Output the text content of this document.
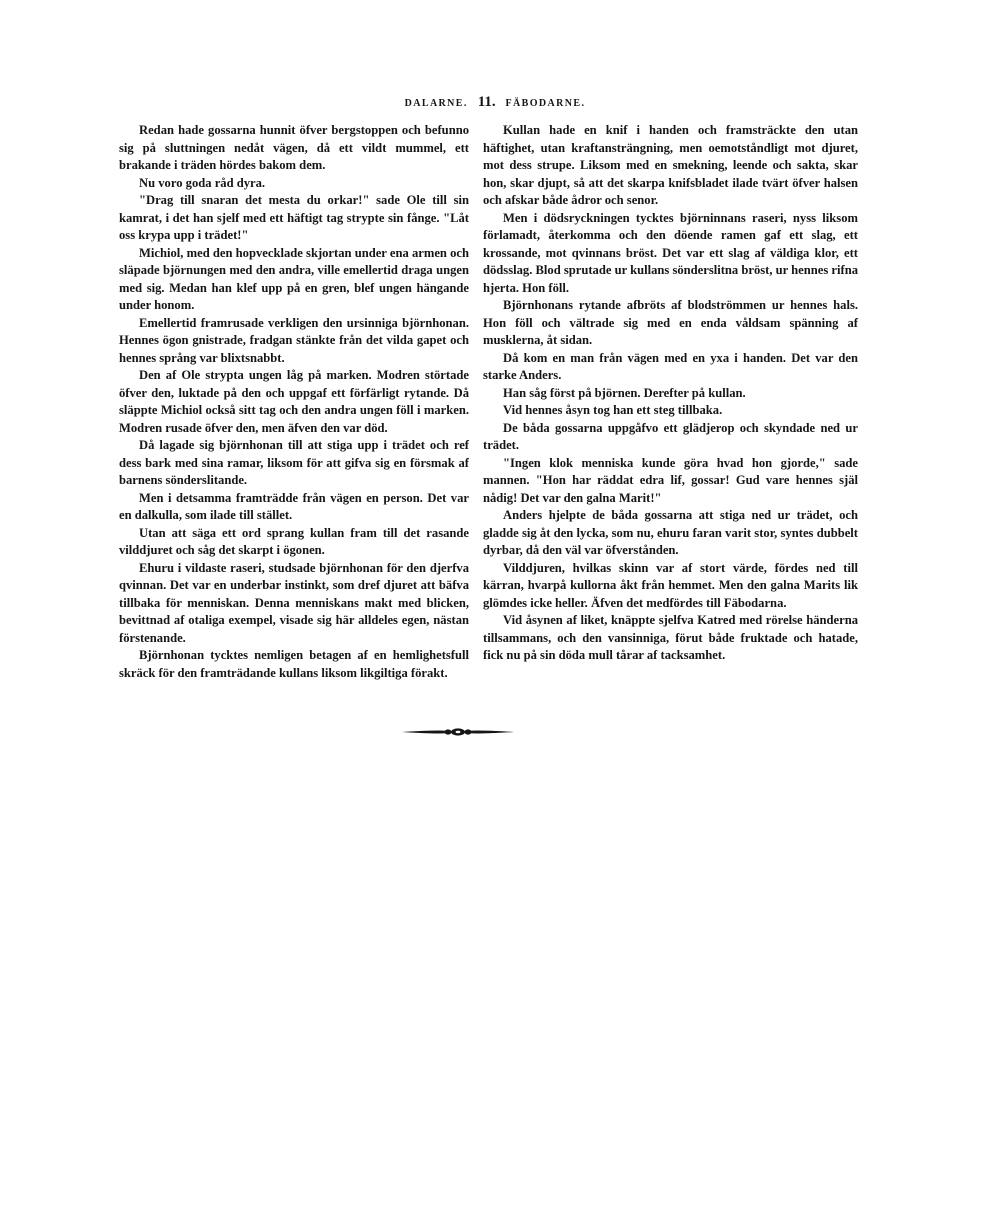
DALARNE. 11. FÄBODARNE.

Redan hade gossarna hunnit öfver bergstoppen och befunno sig på sluttningen nedåt vägen, då ett vildt mummel, ett brakande i träden hördes bakom dem.

Nu voro goda råd dyra.

"Drag till snaran det mesta du orkar!" sade Ole till sin kamrat, i det han sjelf med ett häftigt tag strypte sin fånge. "Låt oss krypa upp i trädet!"

Michiol, med den hopvecklade skjortan under ena armen och släpade björnungen med den andra, ville emellertid draga ungen med sig. Medan han klef upp på en gren, blef ungen hängande under honom.

Emellertid framrusade verkligen den ursinniga björnhonan. Hennes ögon gnistrade, fradgan stänkte från det vilda gapet och hennes språng var blixtsnabbt.

Den af Ole strypta ungen låg på marken. Modren störtade öfver den, luktade på den och uppgaf ett förfärligt rytande. Då släppte Michiol också sitt tag och den andra ungen föll i marken. Modren rusade öfver den, men äfven den var död.

Då lagade sig björnhonan till att stiga upp i trädet och ref dess bark med sina ramar, liksom för att gifva sig en försmak af barnens sönderslitande.

Men i detsamma framträdde från vägen en person. Det var en dalkulla, som ilade till stället.

Utan att säga ett ord sprang kullan fram till det rasande vilddjuret och såg det skarpt i ögonen.

Ehuru i vildaste raseri, studsade björnhonan för den djerfva qvinnan. Det var en underbar instinkt, som dref djuret att bäfva tillbaka för menniskan. Denna menniskans makt med blicken, bevittnad af otaliga exempel, visade sig här alldeles egen, nästan förstenande.

Björnhonan tycktes nemligen betagen af en hemlighetsfull skräck för den framträdande kullans liksom likgiltiga förakt.

Kullan hade en knif i handen och framsträckte den utan häftighet, utan kraftansträngning, men oemotståndligt mot djuret, mot dess strupe. Liksom med en smekning, leende och sakta, skar hon, skar djupt, så att det skarpa knifsbladet ilade tvärt öfver halsen och afskar både ådror och senor.

Men i dödsryckningen tycktes björninnans raseri, nyss liksom förlamadt, återkomma och den döende ramen gaf ett slag, ett krossande, mot qvinnans bröst. Det var ett slag af väldiga klor, ett dödsslag. Blod sprutade ur kullans sönderslitna bröst, ur hennes rifna hjerta. Hon föll.

Björnhonans rytande afbröts af blodströmmen ur hennes hals. Hon föll och vältrade sig med en enda våldsam spänning af musklerna, åt sidan.

Då kom en man från vägen med en yxa i handen. Det var den starke Anders.

Han såg först på björnen. Derefter på kullan.

Vid hennes åsyn tog han ett steg tillbaka.

De båda gossarna uppgåfvo ett glädjerop och skyndade ned ur trädet.

"Ingen klok menniska kunde göra hvad hon gjorde," sade mannen. "Hon har räddat edra lif, gossar! Gud vare hennes själ nådig! Det var den galna Marit!"

Anders hjelpte de båda gossarna att stiga ned ur trädet, och gladde sig åt den lycka, som nu, ehuru faran varit stor, syntes dubbelt dyrbar, då den väl var öfverstånden.

Vilddjuren, hvilkas skinn var af stort värde, fördes ned till kärran, hvarpå kullorna åkt från hemmet. Men den galna Marits lik glömdes icke heller. Äfven det medfördes till Fäbodarna.

Vid åsynen af liket, knäppte sjelfva Katred med rörelse händerna tillsammans, och den vansinniga, förut både fruktade och hatade, fick nu på sin döda mull tårar af tacksamhet.
